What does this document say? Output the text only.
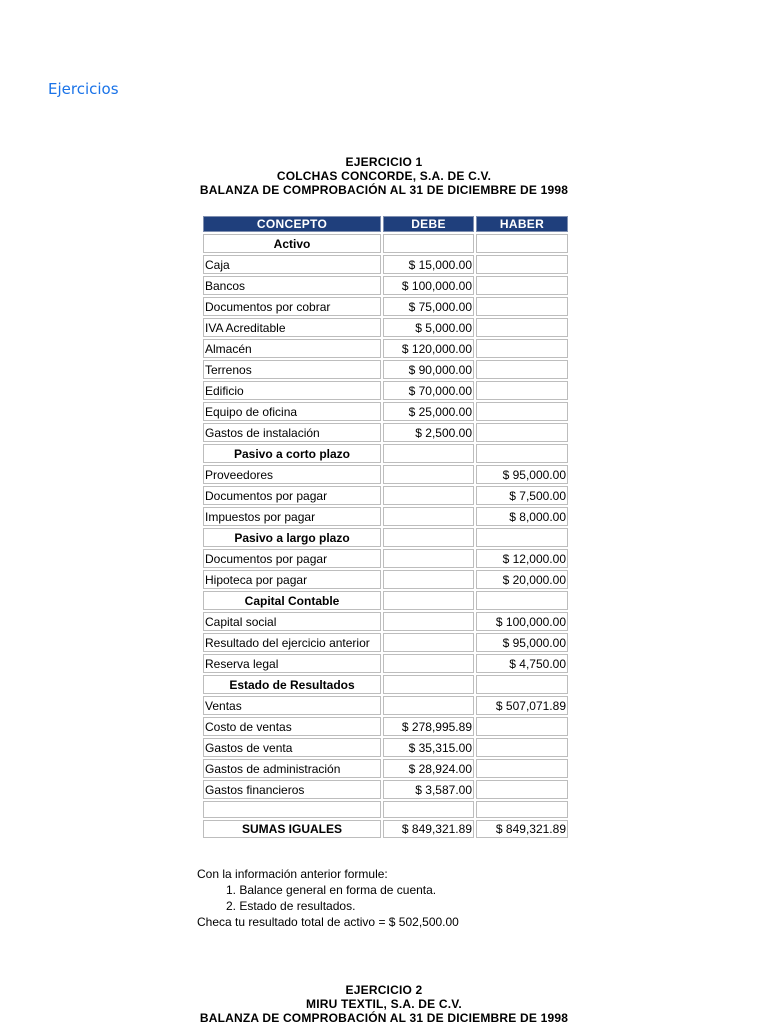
Ejercicios
EJERCICIO 1
COLCHAS CONCORDE, S.A. DE C.V.
BALANZA DE COMPROBACIÓN AL 31 DE DICIEMBRE DE 1998
CONCEPTO	DEBE	HABER
Activo		
Caja	$ 15,000.00	
Bancos	$ 100,000.00	
Documentos por cobrar	$ 75,000.00	
IVA Acreditable	$ 5,000.00	
Almacén	$ 120,000.00	
Terrenos	$ 90,000.00	
Edificio	$ 70,000.00	
Equipo de oficina	$ 25,000.00	
Gastos de instalación	$ 2,500.00	
Pasivo a corto plazo		
Proveedores		$ 95,000.00
Documentos por pagar		$ 7,500.00
Impuestos por pagar		$ 8,000.00
Pasivo a largo plazo		
Documentos por pagar		$ 12,000.00
Hipoteca por pagar		$ 20,000.00
Capital Contable		
Capital social		$ 100,000.00
Resultado del ejercicio anterior		$ 95,000.00
Reserva legal		$ 4,750.00
Estado de Resultados		
Ventas		$ 507,071.89
Costo de ventas	$ 278,995.89	
Gastos de venta	$ 35,315.00	
Gastos de administración	$ 28,924.00	
Gastos financieros	$ 3,587.00	

SUMAS IGUALES	$ 849,321.89	$ 849,321.89
Con la información anterior formule:
1. Balance general en forma de cuenta.
2. Estado de resultados.
Checa tu resultado total de activo = $ 502,500.00
EJERCICIO 2
MIRU TEXTIL, S.A. DE C.V.
BALANZA DE COMPROBACIÓN AL 31 DE DICIEMBRE DE 1998
